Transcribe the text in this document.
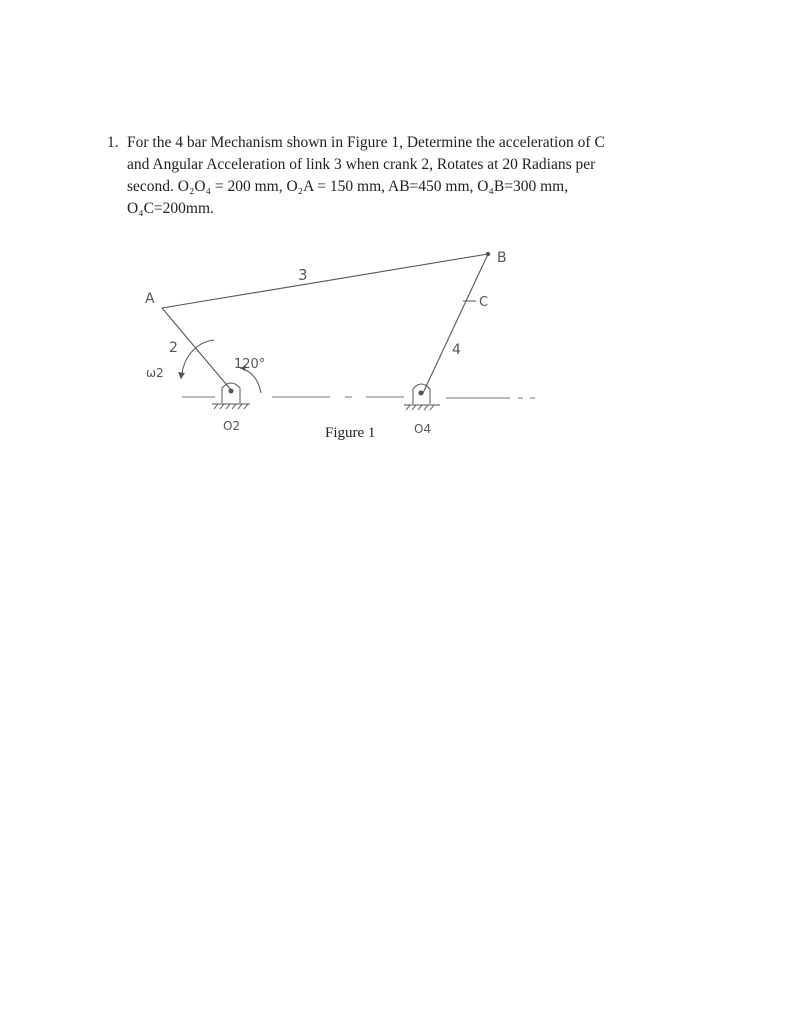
1. For the 4 bar Mechanism shown in Figure 1, Determine the acceleration of C

and Angular Acceleration of link 3 when crank 2, Rotates at 20 Radians per

second. O₂O₄ = 200 mm, O₂A = 150 mm, AB=450 mm, O₄B=300 mm,

O₄C=200mm.

A
B
C
3
2	4
120°
ω2
O2	O4
Figure 1
